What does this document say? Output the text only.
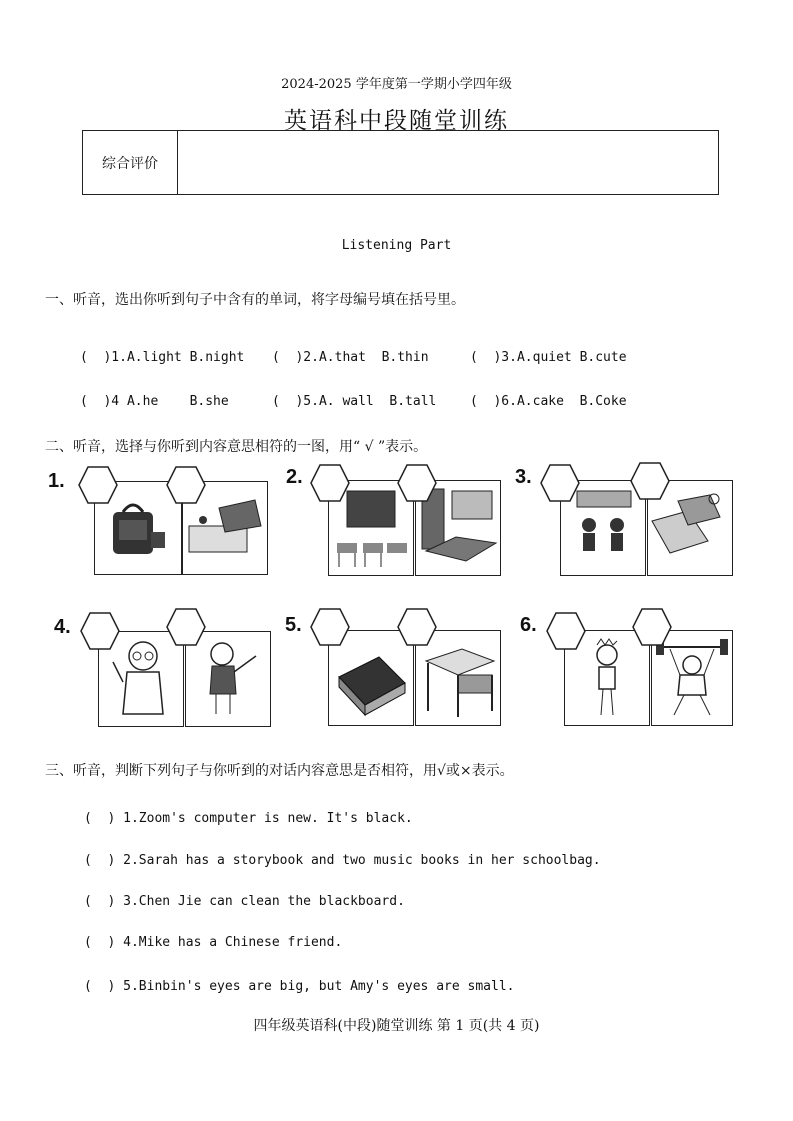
2024-2025 学年度第一学期小学四年级
英语科中段随堂训练
综合评价
Listening Part
一、听音，选出你听到句子中含有的单词，将字母编号填在括号里。
(  )1.A.light B.night (  )2.A.that  B.thin	(  )3.A.quiet B.cute
(  )4 A.he    B.she	(  )5.A. wall  B.tall	(  )6.A.cake  B.Coke
二、听音，选择与你听到内容意思相符的一图，用“ √ ”表示。
1.	2.	3.
4.	5.	6.
三、听音，判断下列句子与你听到的对话内容意思是否相符，用√或×表示。
(  ) 1.Zoom's computer is new. It's black.
(  ) 2.Sarah has a storybook and two music books in her schoolbag.
(  ) 3.Chen Jie can clean the blackboard.
(  ) 4.Mike has a Chinese friend.
(  ) 5.Binbin's eyes are big, but Amy's eyes are small.
四年级英语科(中段)随堂训练 第 1 页(共 4 页)
